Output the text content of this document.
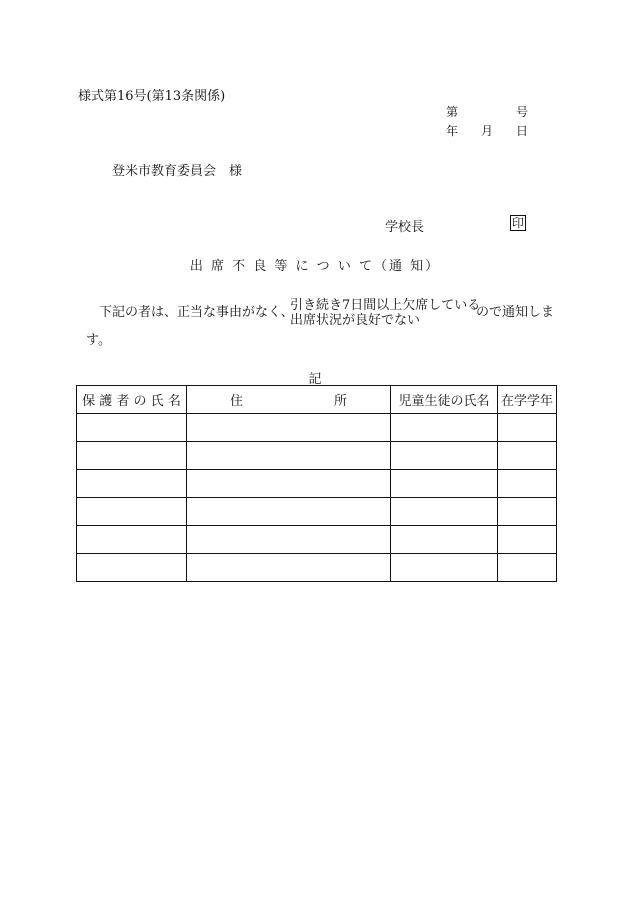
様式第16号(第13条関係)
第	号
年 月 日
登米市教育委員会　様
学校長	印
出 席 不 良 等 に つ い て（通 知）
下記の者は、正当な事由がなく、
引き続き7日間以上欠席している
出席状況が良好でない
ので通知しま
す。
記
保 護 者 の 氏 名	住　　　　　　　所	児童生徒の氏名	在学学年
